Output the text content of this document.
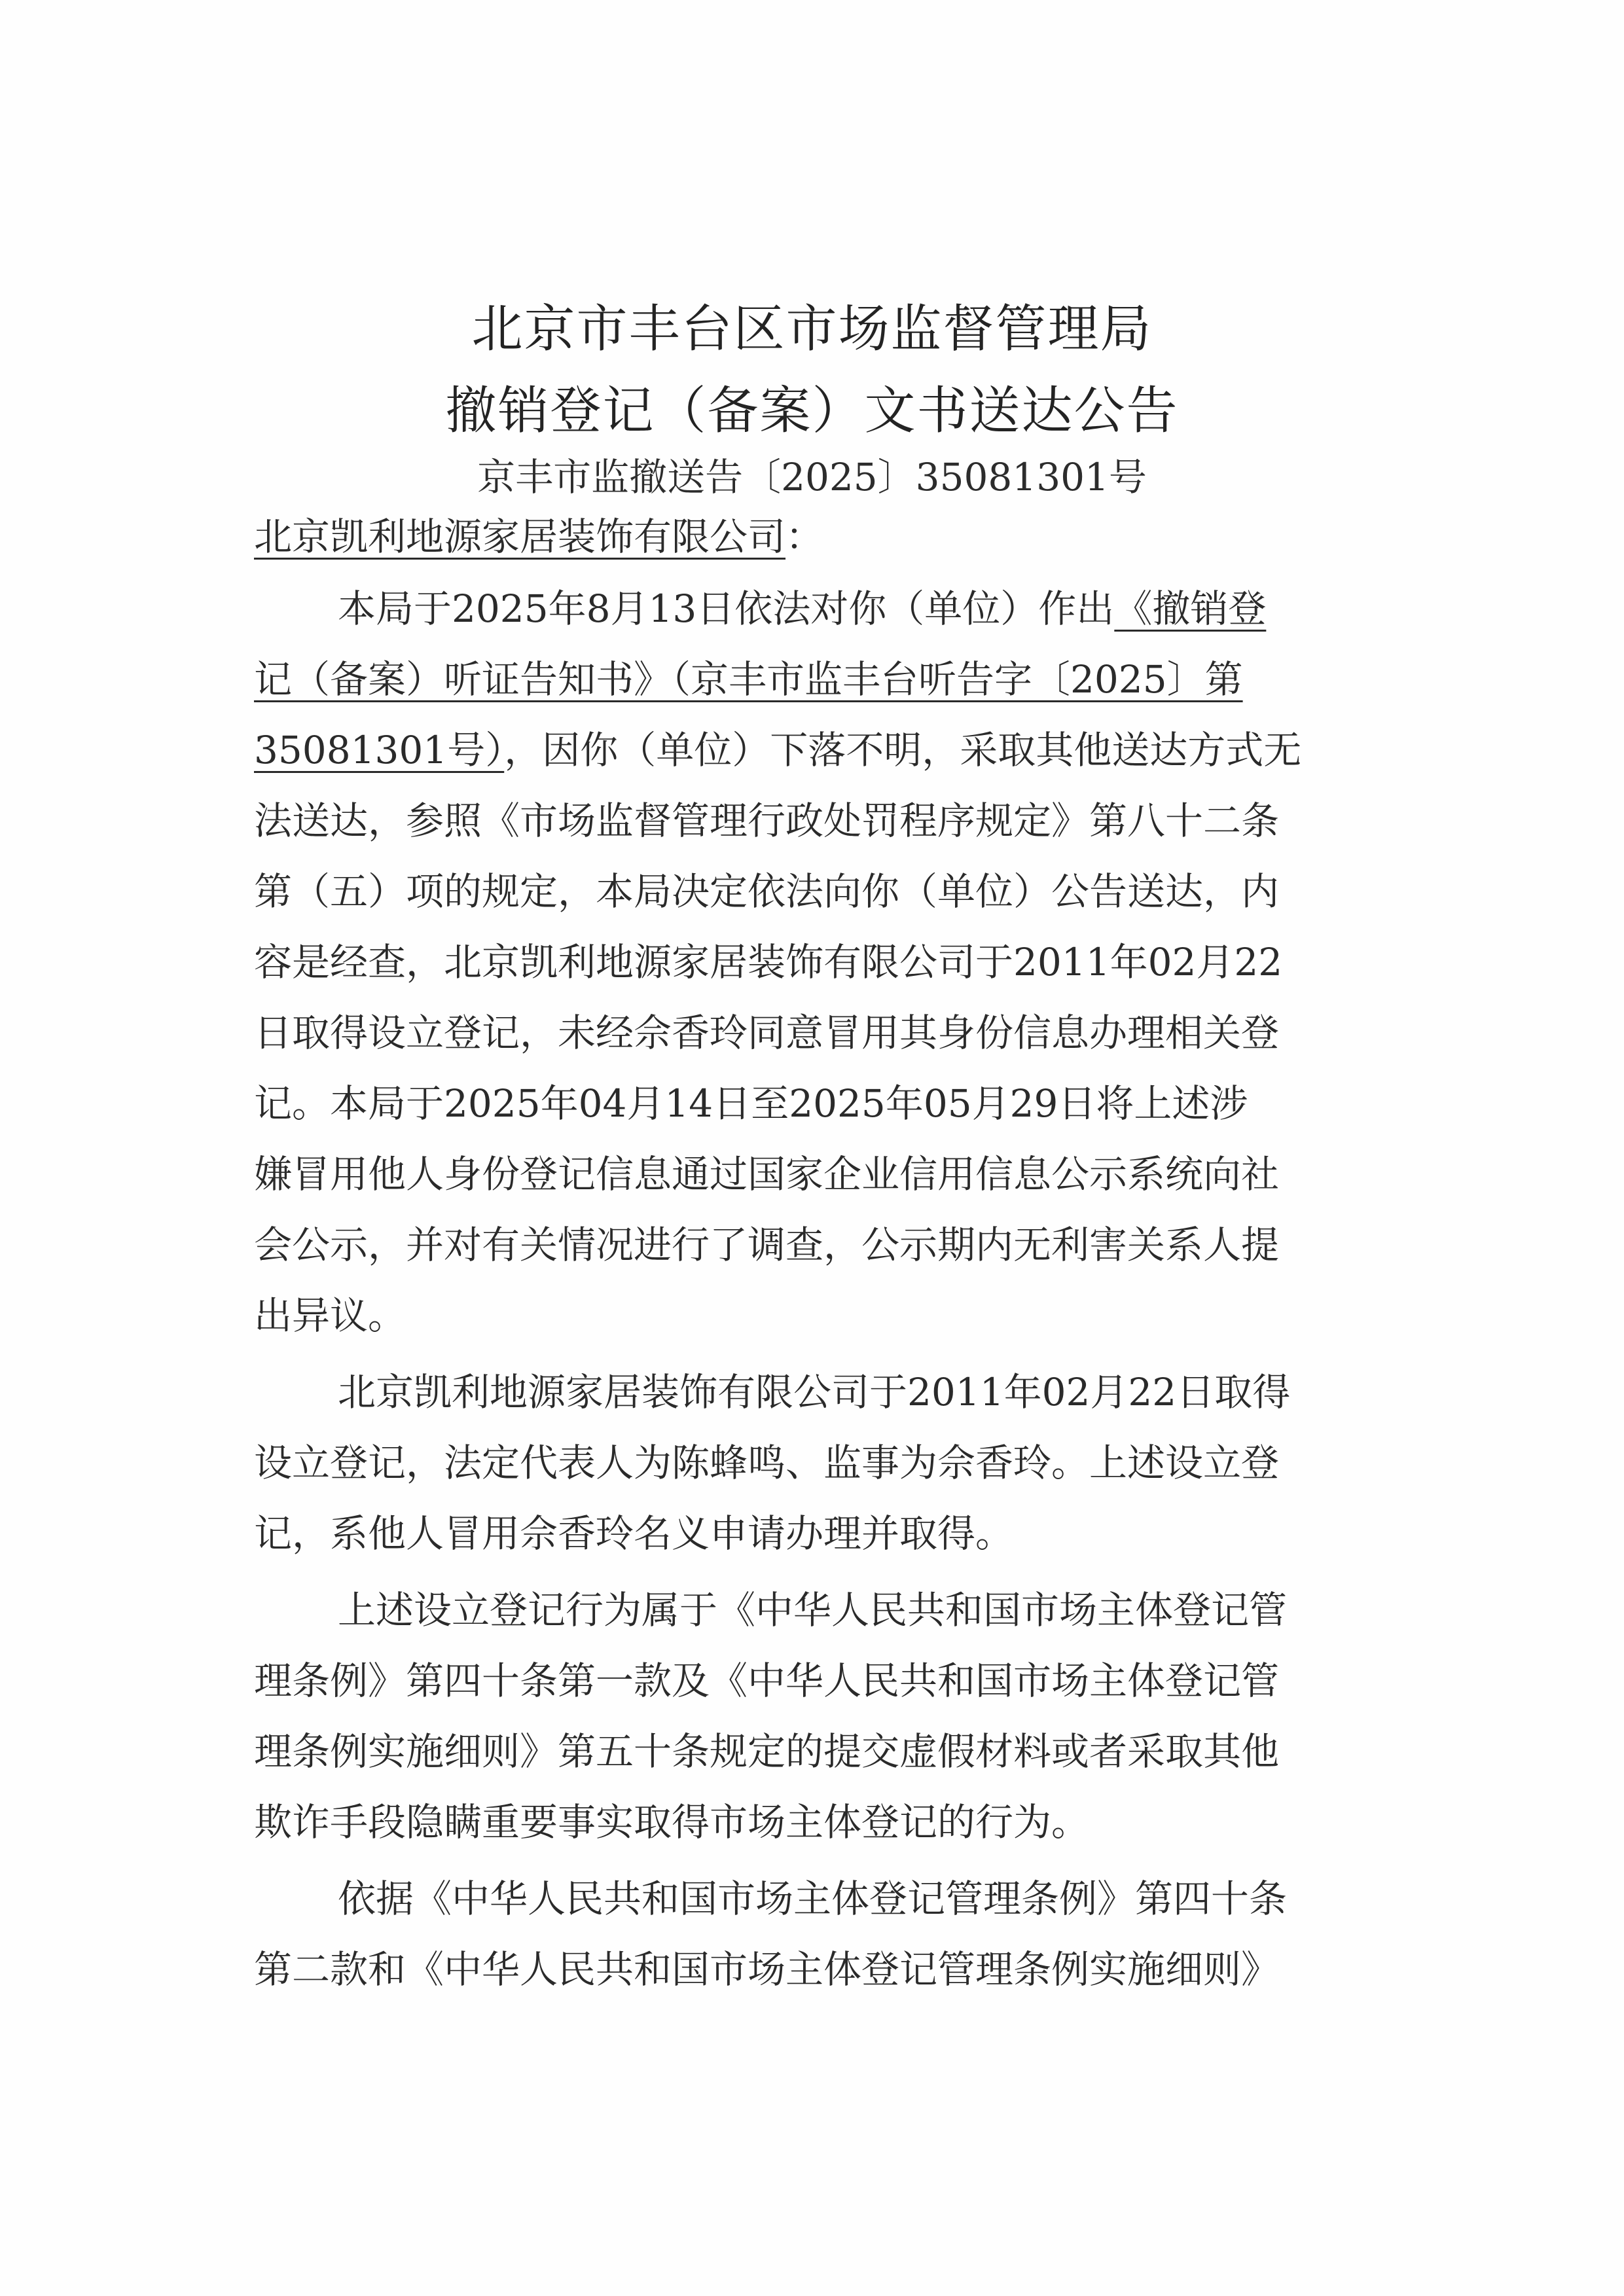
北京市丰台区市场监督管理局
撤销登记（备案）文书送达公告
京丰市监撤送告〔2025〕35081301号
北京凯利地源家居装饰有限公司：
本局于2025年8月13日依法对你（单位）作出《撤销登
记（备案）听证告知书》（京丰市监丰台听告字〔2025〕第
35081301号），因你（单位）下落不明，采取其他送达方式无
法送达，参照《市场监督管理行政处罚程序规定》第八十二条
第（五）项的规定，本局决定依法向你（单位）公告送达，内
容是经查，北京凯利地源家居装饰有限公司于2011年02月22
日取得设立登记，未经佘香玲同意冒用其身份信息办理相关登
记。本局于2025年04月14日至2025年05月29日将上述涉
嫌冒用他人身份登记信息通过国家企业信用信息公示系统向社
会公示，并对有关情况进行了调查，公示期内无利害关系人提
出异议。
北京凯利地源家居装饰有限公司于2011年02月22日取得
设立登记，法定代表人为陈蜂鸣、监事为佘香玲。上述设立登
记，系他人冒用佘香玲名义申请办理并取得。
上述设立登记行为属于《中华人民共和国市场主体登记管
理条例》第四十条第一款及《中华人民共和国市场主体登记管
理条例实施细则》第五十条规定的提交虚假材料或者采取其他
欺诈手段隐瞒重要事实取得市场主体登记的行为。
依据《中华人民共和国市场主体登记管理条例》第四十条
第二款和《中华人民共和国市场主体登记管理条例实施细则》
